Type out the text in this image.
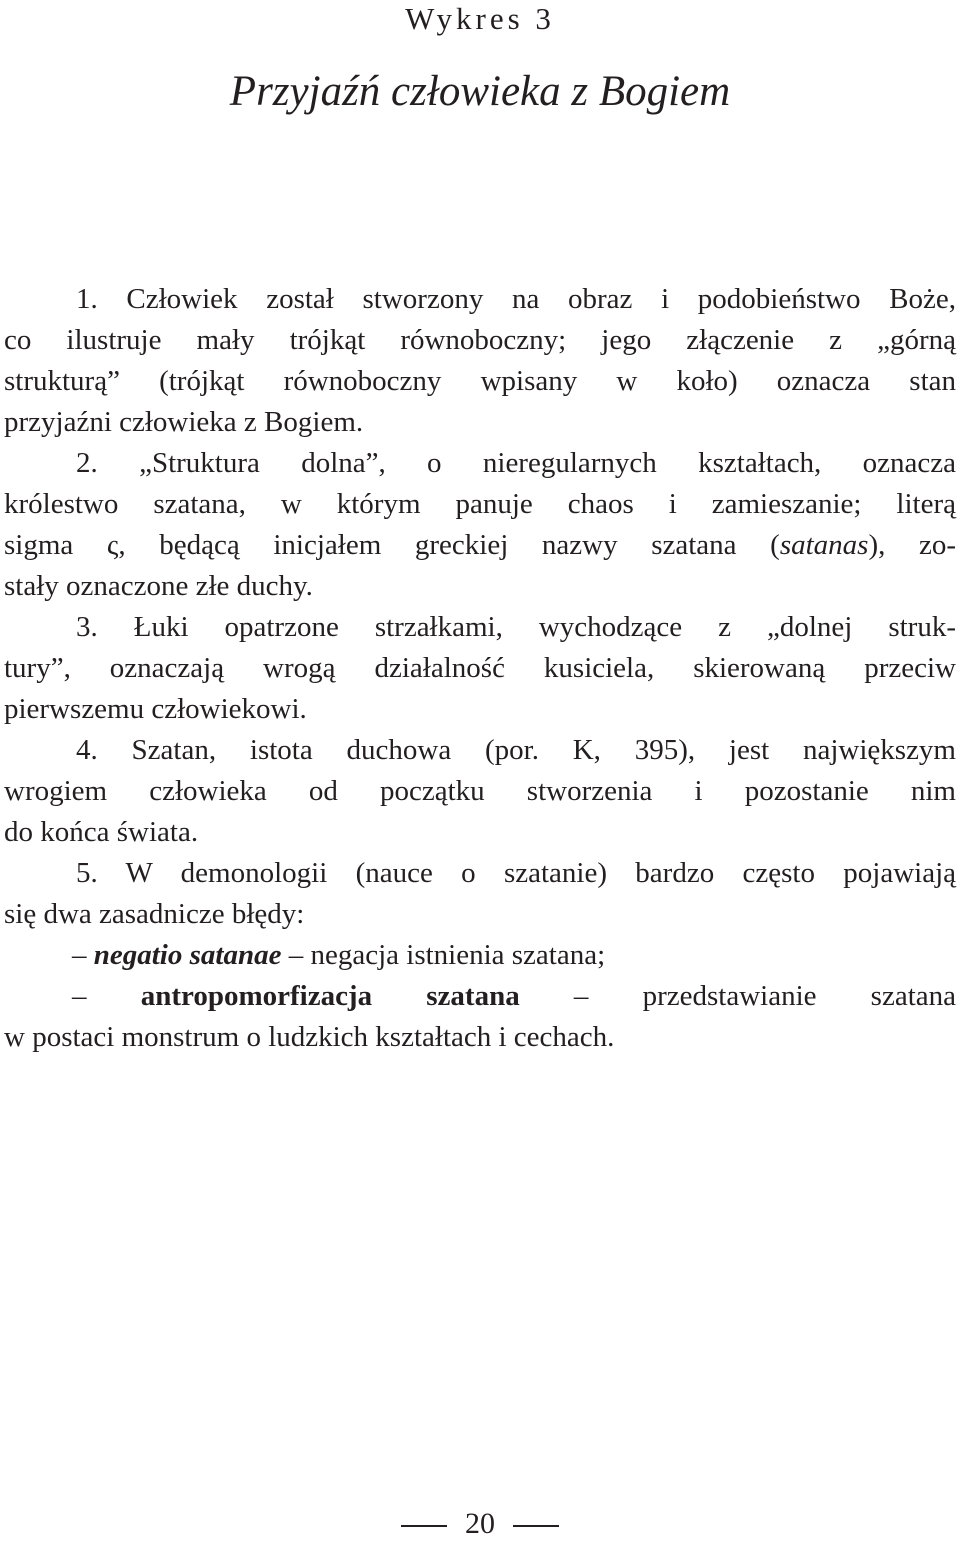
Wykres 3
Przyjaźń człowieka z Bogiem
1. Człowiek został stworzony na obraz i podobieństwo Boże,
co ilustruje mały trójkąt równoboczny; jego złączenie z „górną
strukturą” (trójkąt równoboczny wpisany w koło) oznacza stan
przyjaźni człowieka z Bogiem.
2. „Struktura dolna”, o nieregularnych kształtach, oznacza
królestwo szatana, w którym panuje chaos i zamieszanie; literą
sigma ς, będącą inicjałem greckiej nazwy szatana (satanas), zo-
stały oznaczone złe duchy.
3. Łuki opatrzone strzałkami, wychodzące z „dolnej struk-
tury”, oznaczają wrogą działalność kusiciela, skierowaną przeciw
pierwszemu człowiekowi.
4. Szatan, istota duchowa (por. K, 395), jest największym
wrogiem człowieka od początku stworzenia i pozostanie nim
do końca świata.
5. W demonologii (nauce o szatanie) bardzo często pojawiają
się dwa zasadnicze błędy:
– negatio satanae – negacja istnienia szatana;
– antropomorfizacja szatana – przedstawianie szatana
w postaci monstrum o ludzkich kształtach i cechach.
20
